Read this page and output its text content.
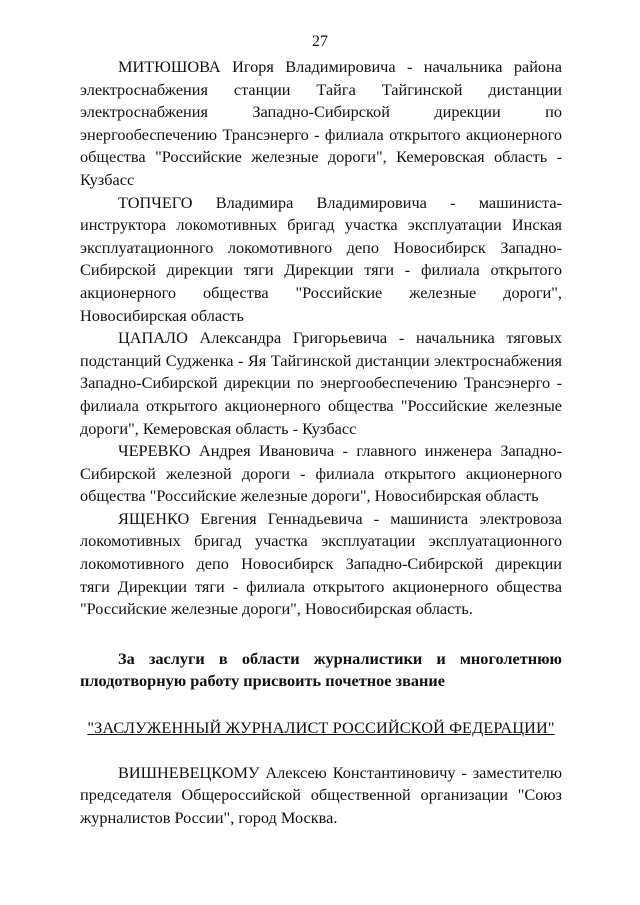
27

МИТЮШОВА Игоря Владимировича - начальника района электроснабжения станции Тайга Тайгинской дистанции электроснабжения Западно-Сибирской дирекции по энергообеспечению Трансэнерго - филиала открытого акционерного общества "Российские железные дороги", Кемеровская область - Кузбасс

ТОПЧЕГО Владимира Владимировича - машиниста-инструктора локомотивных бригад участка эксплуатации Инская эксплуатационного локомотивного депо Новосибирск Западно-Сибирской дирекции тяги Дирекции тяги - филиала открытого акционерного общества "Российские железные дороги", Новосибирская область

ЦАПАЛО Александра Григорьевича - начальника тяговых подстанций Судженка - Яя Тайгинской дистанции электроснабжения Западно-Сибирской дирекции по энергообеспечению Трансэнерго - филиала открытого акционерного общества "Российские железные дороги", Кемеровская область - Кузбасс

ЧЕРЕВКО Андрея Ивановича - главного инженера Западно-Сибирской железной дороги - филиала открытого акционерного общества "Российские железные дороги", Новосибирская область

ЯЩЕНКО Евгения Геннадьевича - машиниста электровоза локомотивных бригад участка эксплуатации эксплуатационного локомотивного депо Новосибирск Западно-Сибирской дирекции тяги Дирекции тяги - филиала открытого акционерного общества "Российские железные дороги", Новосибирская область.

За заслуги в области журналистики и многолетнюю плодотворную работу присвоить почетное звание

"ЗАСЛУЖЕННЫЙ ЖУРНАЛИСТ РОССИЙСКОЙ ФЕДЕРАЦИИ"

ВИШНЕВЕЦКОМУ Алексею Константиновичу - заместителю председателя Общероссийской общественной организации "Союз журналистов России", город Москва.
